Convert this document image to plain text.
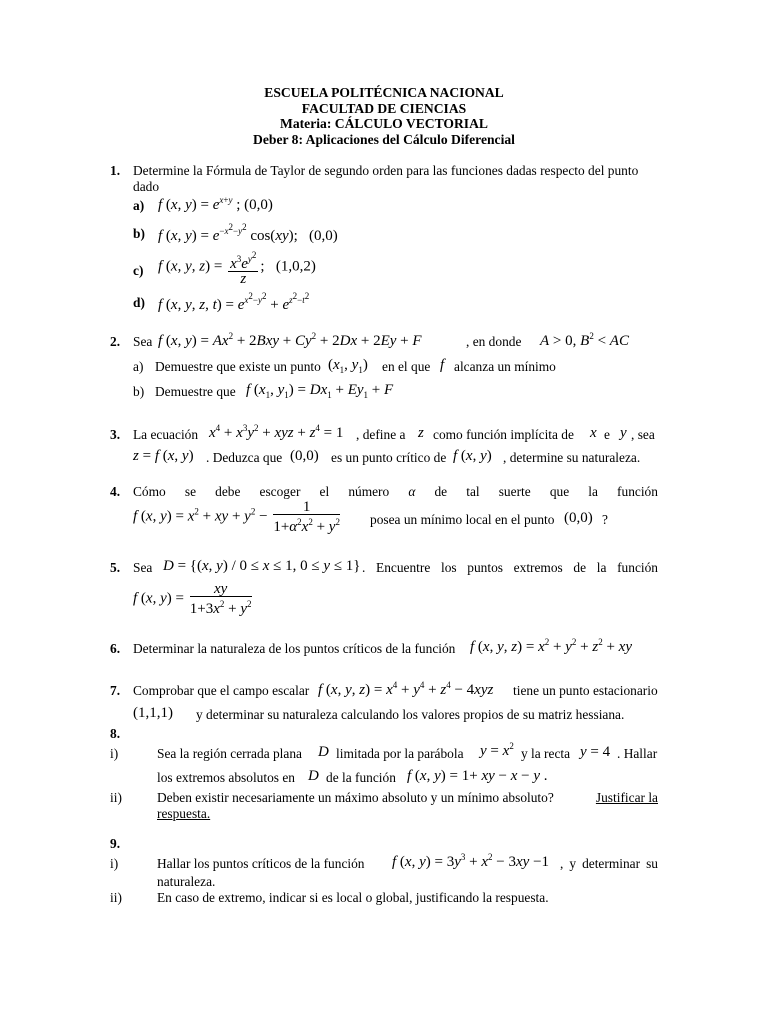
ESCUELA POLITÉCNICA NACIONAL
FACULTAD DE CIENCIAS
Materia: CÁLCULO VECTORIAL
Deber 8: Aplicaciones del Cálculo Diferencial
1. Determine la Fórmula de Taylor de segundo orden para las funciones dadas respecto del punto
dado
a) f (x, $y) = e^{x+y}$ ; (0,0)
b) f (x, $y) = e^{-x^2-y^2}$ cos(xy);   (0,0)
c) f (x, y, $z) = \frac{x^3e^{y^2}}{z}$ ;   (1,0,2)
d) f (x, y, z, $t) = e^{x^2-y^2} + e^{z^2-t^2}$
2. Sea f (x, $y) = Ax^2 + 2Bxy + Cy^2 + 2Dx + 2Ey + F$	, en donde A > 0, $B^2$ < AC
a) Demuestre que existe un punto ($x_1$, $y_1$) en el que f alcanza un mínimo
b) Demuestre que f ($x_1$, $y_1) = Dx_1 + Ey_1 + F$
3. La ecuación $x^4 + x^3y^2$ + xyz + $z^4 = 1$ , define a z como función implícita de x e y , sea
z = f (x, y) . Deduzca que (0,0) es un punto crítico de f (x, y) , determine su naturaleza.
4. Cómo se debe escoger el número α de tal suerte que la función
f (x, $y) = x^2$ + xy + $y^2 - \frac{1}{1+\alpha^2x^2 + y^2}$ posea un mínimo local en el punto (0,0) ?
5. Sea D = {(x, y) / 0 ≤ x ≤ 1, 0 ≤ y ≤ 1} . Encuentre los puntos extremos de la función
f (x, $y) = \frac{xy}{1+3x^2 + y^2}$
6. Determinar la naturaleza de los puntos críticos de la función f (x, y, $z) = x^2 + y^2 + z^2$ + xy
7. Comprobar que el campo escalar f (x, y, $z) = x^4 + y^4 + z^4 - 4xyz$ tiene un punto estacionario
(1,1,1) y determinar su naturaleza calculando los valores propios de su matriz hessiana.
8.
i)	Sea la región cerrada plana D limitada por la parábola $y = x^2$ y la recta y = 4 . Hallar
los extremos absolutos en D de la función f (x, y) = 1+ xy − x − y .
ii)	Deben existir necesariamente un máximo absoluto y un mínimo absoluto?	Justificar la
respuesta.
9.
i)	Hallar los puntos críticos de la función f (x, $y) = 3y^3 + x^2 - 3xy -1$ , y determinar su
naturaleza.
ii)	En caso de extremo, indicar si es local o global, justificando la respuesta.
